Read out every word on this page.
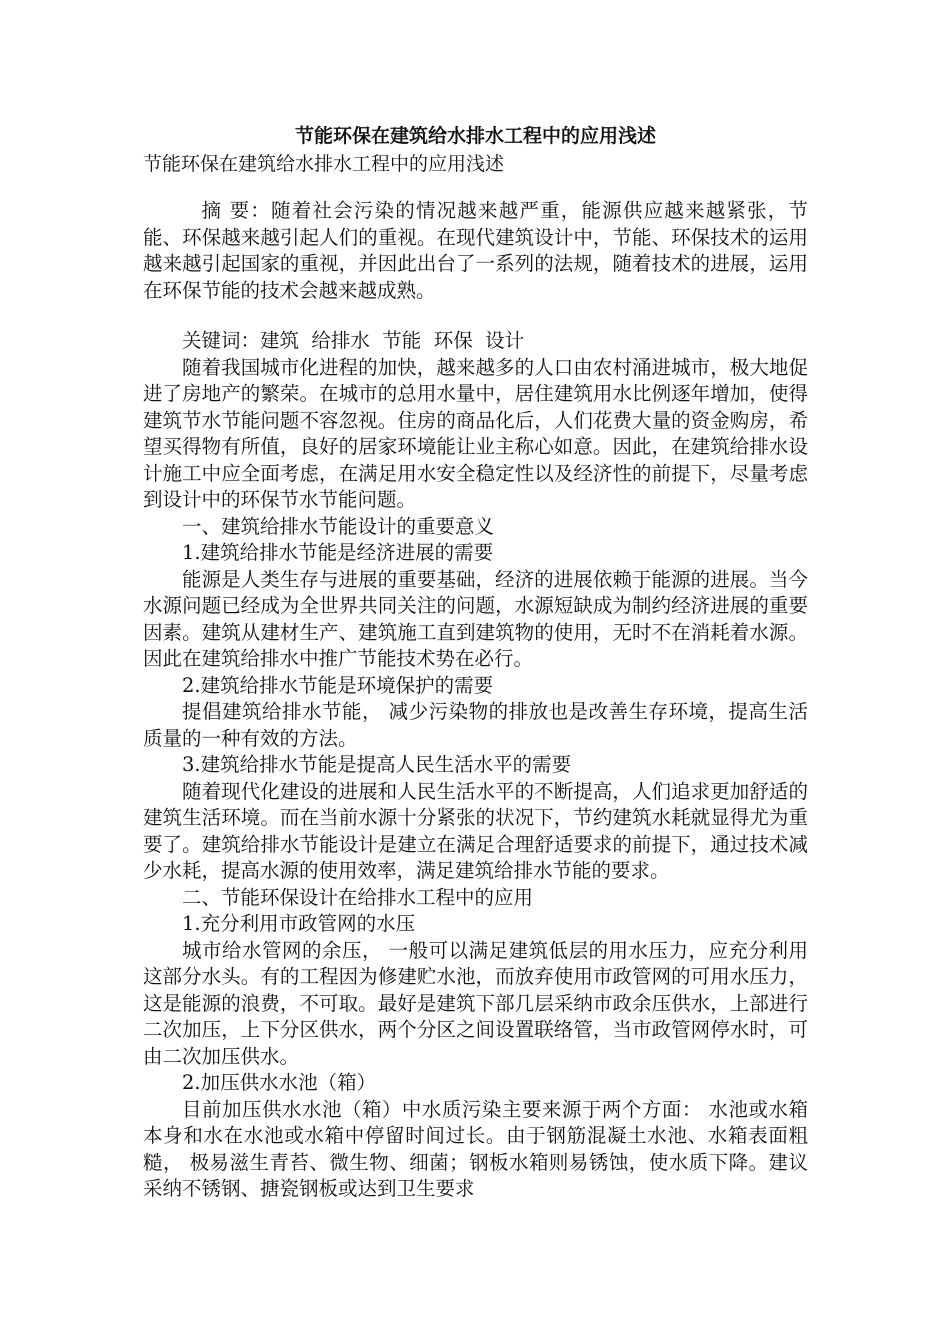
节能环保在建筑给水排水工程中的应用浅述
节能环保在建筑给水排水工程中的应用浅述

摘 要：随着社会污染的情况越来越严重，能源供应越来越紧张，节能、环保越来越引起人们的重视。在现代建筑设计中，节能、环保技术的运用越来越引起国家的重视，并因此出台了一系列的法规，随着技术的进展，运用在环保节能的技术会越来越成熟。

关键词：建筑  给排水  节能  环保  设计

随着我国城市化进程的加快，越来越多的人口由农村涌进城市，极大地促进了房地产的繁荣。在城市的总用水量中，居住建筑用水比例逐年增加，使得建筑节水节能问题不容忽视。住房的商品化后，人们花费大量的资金购房，希望买得物有所值，良好的居家环境能让业主称心如意。因此，在建筑给排水设计施工中应全面考虑，在满足用水安全稳定性以及经济性的前提下，尽量考虑到设计中的环保节水节能问题。

一、建筑给排水节能设计的重要意义

1.建筑给排水节能是经济进展的需要

能源是人类生存与进展的重要基础，经济的进展依赖于能源的进展。当今水源问题已经成为全世界共同关注的问题，水源短缺成为制约经济进展的重要因素。建筑从建材生产、建筑施工直到建筑物的使用，无时不在消耗着水源。因此在建筑给排水中推广节能技术势在必行。

2.建筑给排水节能是环境保护的需要

提倡建筑给排水节能， 减少污染物的排放也是改善生存环境，提高生活质量的一种有效的方法。

3.建筑给排水节能是提高人民生活水平的需要

随着现代化建设的进展和人民生活水平的不断提高，人们追求更加舒适的建筑生活环境。而在当前水源十分紧张的状况下，节约建筑水耗就显得尤为重要了。建筑给排水节能设计是建立在满足合理舒适要求的前提下，通过技术减少水耗，提高水源的使用效率，满足建筑给排水节能的要求。

二、节能环保设计在给排水工程中的应用

1.充分利用市政管网的水压

城市给水管网的余压， 一般可以满足建筑低层的用水压力，应充分利用这部分水头。有的工程因为修建贮水池，而放弃使用市政管网的可用水压力， 这是能源的浪费，不可取。最好是建筑下部几层采纳市政余压供水，上部进行二次加压，上下分区供水，两个分区之间设置联络管，当市政管网停水时，可由二次加压供水。

2.加压供水水池（箱）

目前加压供水水池（箱）中水质污染主要来源于两个方面： 水池或水箱本身和水在水池或水箱中停留时间过长。由于钢筋混凝土水池、水箱表面粗糙， 极易滋生青苔、微生物、细菌；钢板水箱则易锈蚀，使水质下降。建议采纳不锈钢、搪瓷钢板或达到卫生要求
